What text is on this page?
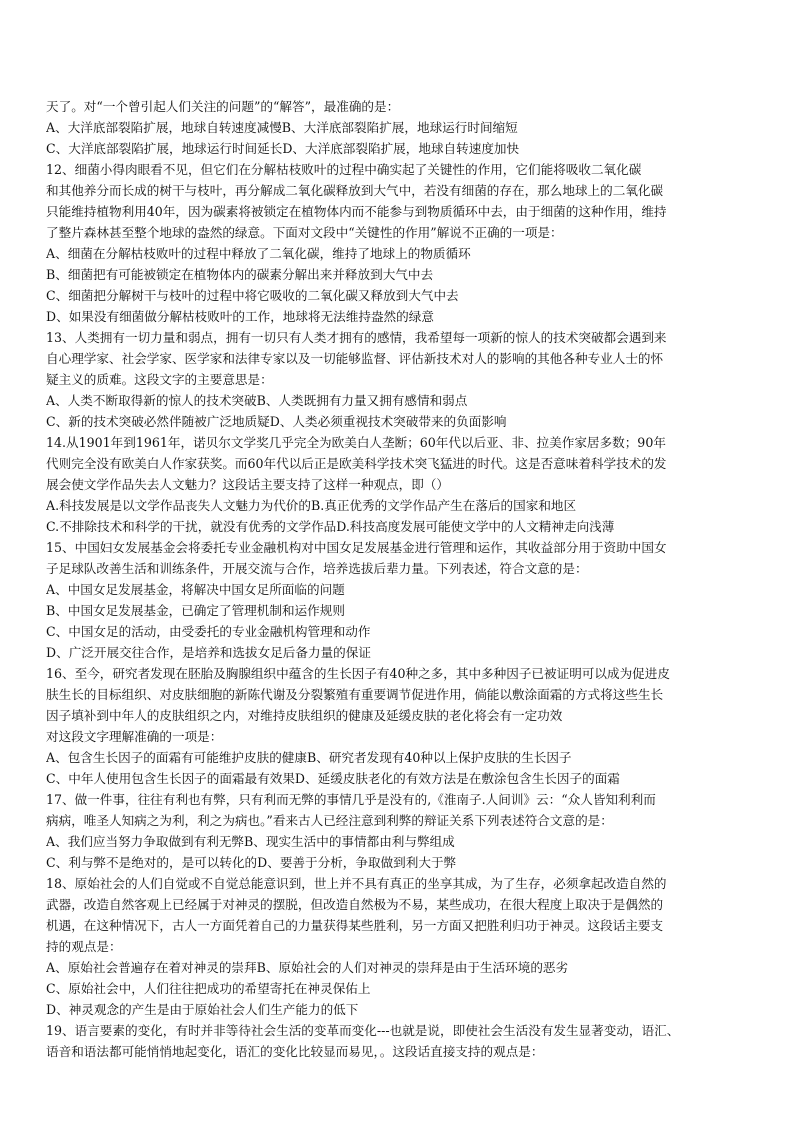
天了。对“一个曾引起人们关注的问题”的“解答”，最准确的是：
A、大洋底部裂陷扩展，地球自转速度减慢B、大洋底部裂陷扩展，地球运行时间缩短
C、大洋底部裂陷扩展，地球运行时间延长D、大洋底部裂陷扩展，地球自转速度加快
12、细菌小得肉眼看不见，但它们在分解枯枝败叶的过程中确实起了关键性的作用，它们能将吸收二氧化碳
和其他养分而长成的树干与枝叶，再分解成二氧化碳释放到大气中，若没有细菌的存在，那么地球上的二氧化碳
只能维持植物利用40年，因为碳素将被锁定在植物体内而不能参与到物质循环中去，由于细菌的这种作用，维持
了整片森林甚至整个地球的盎然的绿意。下面对文段中“关键性的作用”解说不正确的一项是：
A、细菌在分解枯枝败叶的过程中释放了二氧化碳，维持了地球上的物质循环
B、细菌把有可能被锁定在植物体内的碳素分解出来并释放到大气中去
C、细菌把分解树干与枝叶的过程中将它吸收的二氧化碳又释放到大气中去
D、如果没有细菌做分解枯枝败叶的工作，地球将无法维持盎然的绿意
13、人类拥有一切力量和弱点，拥有一切只有人类才拥有的感情，我希望每一项新的惊人的技术突破都会遇到来
自心理学家、社会学家、医学家和法律专家以及一切能够监督、评估新技术对人的影响的其他各种专业人士的怀
疑主义的质难。这段文字的主要意思是：
A、人类不断取得新的惊人的技术突破B、人类既拥有力量又拥有感情和弱点
C、新的技术突破必然伴随被广泛地质疑D、人类必须重视技术突破带来的负面影响
14.从1901年到1961年，诺贝尔文学奖几乎完全为欧美白人垄断；60年代以后亚、非、拉美作家居多数；90年
代则完全没有欧美白人作家获奖。而60年代以后正是欧美科学技术突飞猛进的时代。这是否意味着科学技术的发
展会使文学作品失去人文魅力？这段话主要支持了这样一种观点，即（）
A.科技发展是以文学作品丧失人文魅力为代价的B.真正优秀的文学作品产生在落后的国家和地区
C.不排除技术和科学的干扰，就没有优秀的文学作品D.科技高度发展可能使文学中的人文精神走向浅薄
15、中国妇女发展基金会将委托专业金融机构对中国女足发展基金进行管理和运作，其收益部分用于资助中国女
子足球队改善生活和训练条件，开展交流与合作，培养选拔后辈力量。下列表述，符合文意的是：
A、中国女足发展基金，将解决中国女足所面临的问题
B、中国女足发展基金，已确定了管理机制和运作规则
C、中国女足的活动，由受委托的专业金融机构管理和动作
D、广泛开展交往合作，是培养和选拔女足后备力量的保证
16、至今，研究者发现在胚胎及胸腺组织中蕴含的生长因子有40种之多，其中多种因子已被证明可以成为促进皮
肤生长的目标组织、对皮肤细胞的新陈代谢及分裂繁殖有重要调节促进作用，倘能以敷涂面霜的方式将这些生长
因子填补到中年人的皮肤组织之内，对维持皮肤组织的健康及延缓皮肤的老化将会有一定功效
对这段文字理解准确的一项是：
A、包含生长因子的面霜有可能维护皮肤的健康B、研究者发现有40种以上保护皮肤的生长因子
C、中年人使用包含生长因子的面霜最有效果D、延缓皮肤老化的有效方法是在敷涂包含生长因子的面霜
17、做一件事，往往有利也有弊，只有利而无弊的事情几乎是没有的,《淮南子.人间训》云：“众人皆知利利而
病病，唯圣人知病之为利，利之为病也。”看来古人已经注意到利弊的辩证关系下列表述符合文意的是：
A、我们应当努力争取做到有利无弊B、现实生活中的事情都由利与弊组成
C、利与弊不是绝对的，是可以转化的D、要善于分析，争取做到利大于弊
18、原始社会的人们自觉或不自觉总能意识到，世上并不具有真正的坐享其成，为了生存，必须拿起改造自然的
武器，改造自然客观上已经属于对神灵的摆脱，但改造自然极为不易，某些成功，在很大程度上取决于是偶然的
机遇，在这种情况下，古人一方面凭着自己的力量获得某些胜利，另一方面又把胜利归功于神灵。这段话主要支
持的观点是：
A、原始社会普遍存在着对神灵的崇拜B、原始社会的人们对神灵的崇拜是由于生活环境的恶劣
C、原始社会中，人们往往把成功的希望寄托在神灵保佑上
D、神灵观念的产生是由于原始社会人们生产能力的低下
19、语言要素的变化，有时并非等待社会生活的变革而变化---也就是说，即使社会生活没有发生显著变动，语汇、
语音和语法都可能悄悄地起变化，语汇的变化比较显而易见，。这段话直接支持的观点是：
